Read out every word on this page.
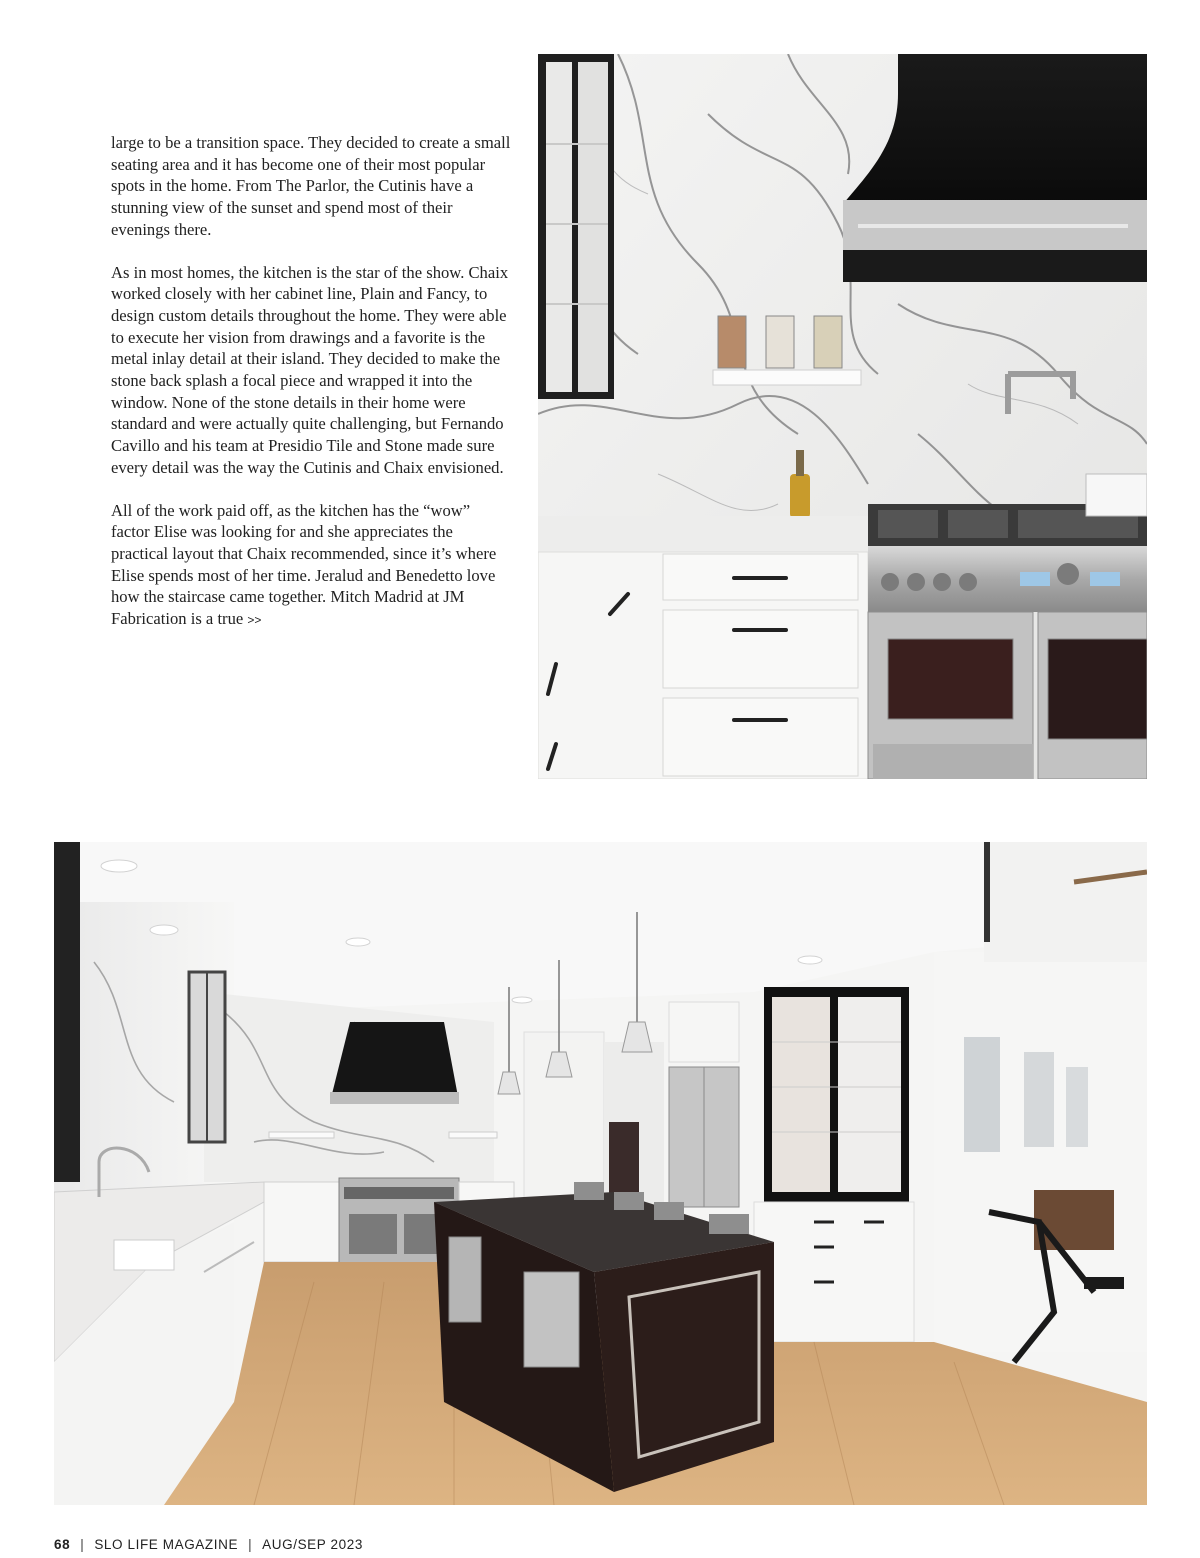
large to be a transition space. They decided to create a small seating area and it has become one of their most popular spots in the home. From The Parlor, the Cutinis have a stunning view of the sunset and spend most of their evenings there.

As in most homes, the kitchen is the star of the show. Chaix worked closely with her cabinet line, Plain and Fancy, to design custom details throughout the home. They were able to execute her vision from drawings and a favorite is the metal inlay detail at their island. They decided to make the stone back splash a focal piece and wrapped it into the window. None of the stone details in their home were standard and were actually quite challenging, but Fernando Cavillo and his team at Presidio Tile and Stone made sure every detail was the way the Cutinis and Chaix envisioned.

All of the work paid off, as the kitchen has the “wow” factor Elise was looking for and she appreciates the practical layout that Chaix recommended, since it’s where Elise spends most of her time. Jeralud and Benedetto love how the staircase came together. Mitch Madrid at JM Fabrication is a true >>

68 | SLO LIFE MAGAZINE | AUG/SEP 2023
